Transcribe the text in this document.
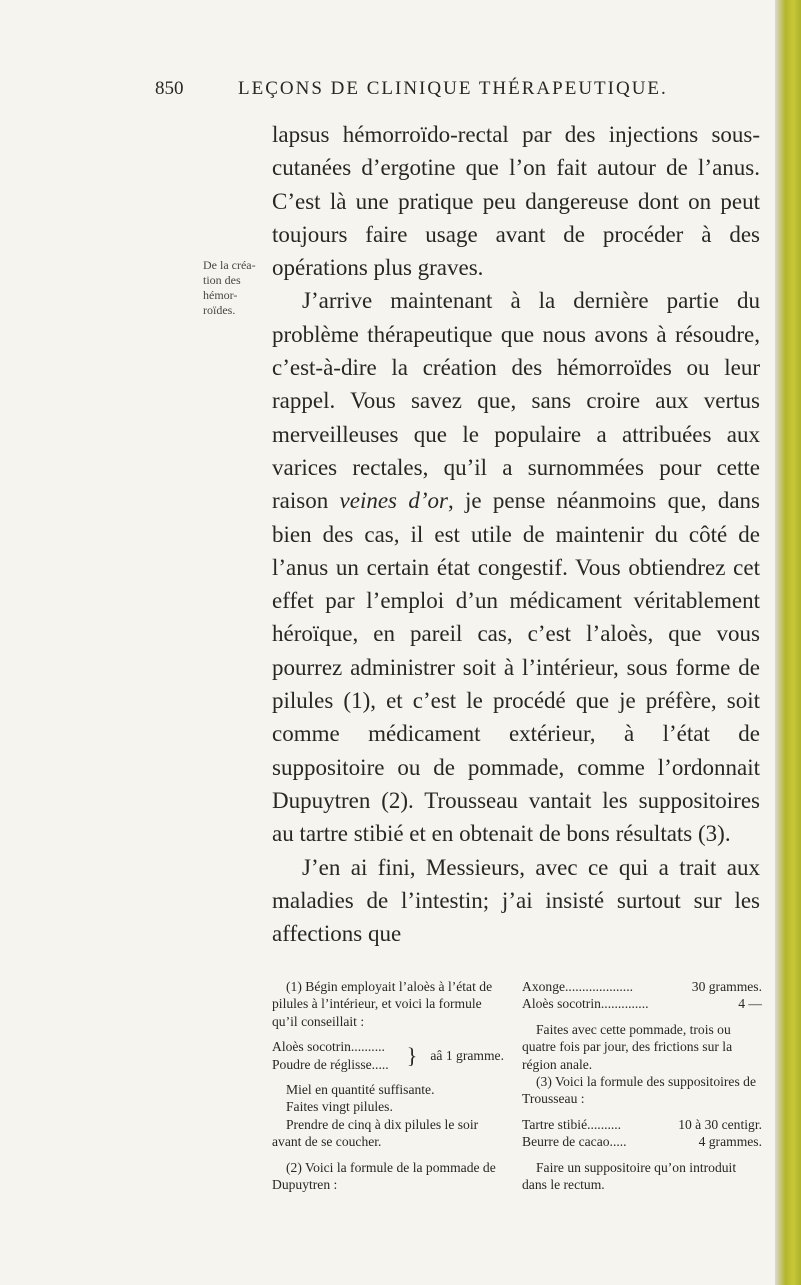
850	LEÇONS DE CLINIQUE THÉRAPEUTIQUE.
De la créa-
tion des
hémor-
roïdes.

lapsus hémorroïdo-rectal par des injections sous-cutanées d’ergotine que l’on fait autour de l’anus. C’est là une pratique peu dangereuse dont on peut toujours faire usage avant de procéder à des opérations plus graves.

J’arrive maintenant à la dernière partie du problème thérapeutique que nous avons à résoudre, c’est-à-dire la création des hémorroïdes ou leur rappel. Vous savez que, sans croire aux vertus merveilleuses que le populaire a attribuées aux varices rectales, qu’il a surnommées pour cette raison veines d’or, je pense néanmoins que, dans bien des cas, il est utile de maintenir du côté de l’anus un certain état congestif. Vous obtiendrez cet effet par l’emploi d’un médicament véritablement héroïque, en pareil cas, c’est l’aloès, que vous pourrez administrer soit à l’intérieur, sous forme de pilules (1), et c’est le procédé que je préfère, soit comme médicament extérieur, à l’état de suppositoire ou de pommade, comme l’ordonnait Dupuytren (2). Trousseau vantait les suppositoires au tartre stibié et en obtenait de bons résultats (3).

J’en ai fini, Messieurs, avec ce qui a trait aux maladies de l’intestin; j’ai insisté surtout sur les affections que

(1) Bégin employait l’aloès à l’état de pilules à l’intérieur, et voici la formule qu’il conseillait :

Aloès socotrin..........	}	aâ 1 gramme.
Poudre de réglisse.....

Miel en quantité suffisante.

Faites vingt pilules.

Prendre de cinq à dix pilules le soir avant de se coucher.

(2) Voici la formule de la pommade de Dupuytren :

Axonge....................	30 grammes.
Aloès socotrin..............	4 —

Faites avec cette pommade, trois ou quatre fois par jour, des frictions sur la région anale.

(3) Voici la formule des suppositoires de Trousseau :

Tartre stibié..........	10 à 30 centigr.
Beurre de cacao.....	4 grammes.

Faire un suppositoire qu’on introduit dans le rectum.
